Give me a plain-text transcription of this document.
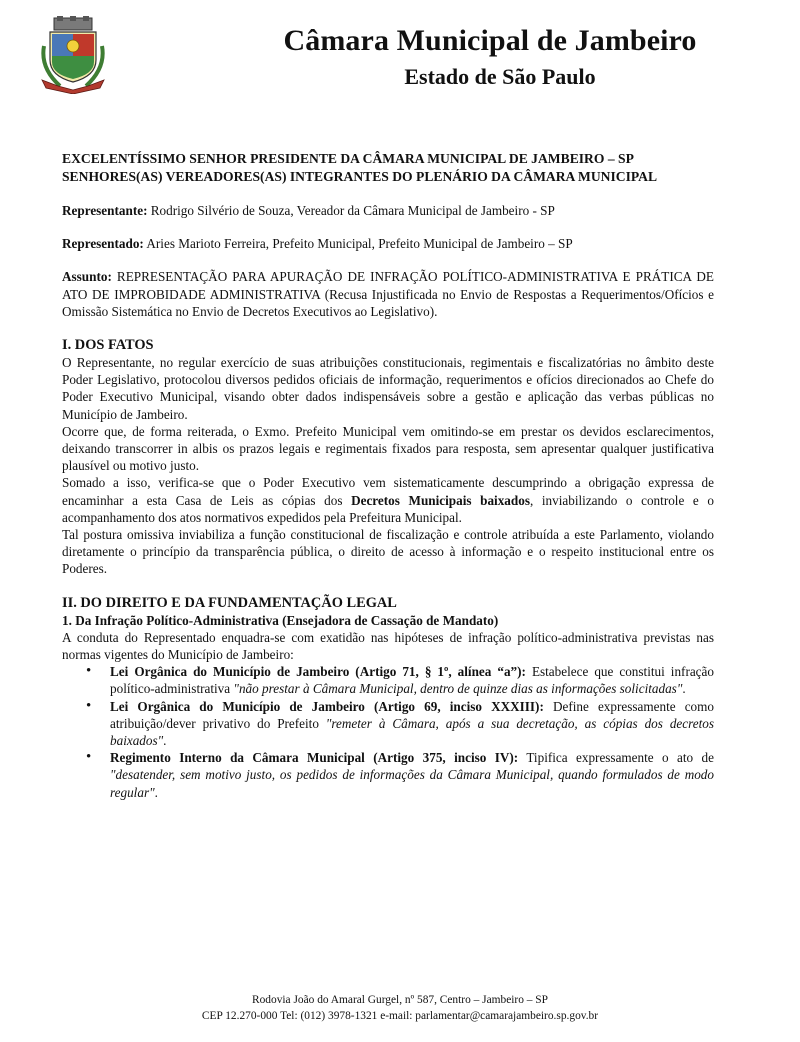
Câmara Municipal de Jambeiro
Estado de São Paulo

EXCELENTÍSSIMO SENHOR PRESIDENTE DA CÂMARA MUNICIPAL DE JAMBEIRO – SP

SENHORES(AS) VEREADORES(AS) INTEGRANTES DO PLENÁRIO DA CÂMARA MUNICIPAL

Representante: Rodrigo Silvério de Souza, Vereador da Câmara Municipal de Jambeiro - SP

Representado: Aries Marioto Ferreira, Prefeito Municipal, Prefeito Municipal de Jambeiro – SP

Assunto: REPRESENTAÇÃO PARA APURAÇÃO DE INFRAÇÃO POLÍTICO-ADMINISTRATIVA E PRÁTICA DE ATO DE IMPROBIDADE ADMINISTRATIVA (Recusa Injustificada no Envio de Respostas a Requerimentos/Ofícios e Omissão Sistemática no Envio de Decretos Executivos ao Legislativo).

I. DOS FATOS

O Representante, no regular exercício de suas atribuições constitucionais, regimentais e fiscalizatórias no âmbito deste Poder Legislativo, protocolou diversos pedidos oficiais de informação, requerimentos e ofícios direcionados ao Chefe do Poder Executivo Municipal, visando obter dados indispensáveis sobre a gestão e aplicação das verbas públicas no Município de Jambeiro.

Ocorre que, de forma reiterada, o Exmo. Prefeito Municipal vem omitindo-se em prestar os devidos esclarecimentos, deixando transcorrer in albis os prazos legais e regimentais fixados para resposta, sem apresentar qualquer justificativa plausível ou motivo justo.

Somado a isso, verifica-se que o Poder Executivo vem sistematicamente descumprindo a obrigação expressa de encaminhar a esta Casa de Leis as cópias dos Decretos Municipais baixados, inviabilizando o controle e o acompanhamento dos atos normativos expedidos pela Prefeitura Municipal.

Tal postura omissiva inviabiliza a função constitucional de fiscalização e controle atribuída a este Parlamento, violando diretamente o princípio da transparência pública, o direito de acesso à informação e o respeito institucional entre os Poderes.

II. DO DIREITO E DA FUNDAMENTAÇÃO LEGAL

1. Da Infração Político-Administrativa (Ensejadora de Cassação de Mandato)

A conduta do Representado enquadra-se com exatidão nas hipóteses de infração político-administrativa previstas nas normas vigentes do Município de Jambeiro:

• Lei Orgânica do Município de Jambeiro (Artigo 71, § 1º, alínea “a”): Estabelece que constitui infração político-administrativa "não prestar à Câmara Municipal, dentro de quinze dias as informações solicitadas".
• Lei Orgânica do Município de Jambeiro (Artigo 69, inciso XXXIII): Define expressamente como atribuição/dever privativo do Prefeito "remeter à Câmara, após a sua decretação, as cópias dos decretos baixados".
• Regimento Interno da Câmara Municipal (Artigo 375, inciso IV): Tipifica expressamente o ato de "desatender, sem motivo justo, os pedidos de informações da Câmara Municipal, quando formulados de modo regular".
Rodovia João do Amaral Gurgel, nº 587, Centro – Jambeiro – SP
CEP 12.270-000 Tel: (012) 3978-1321 e-mail: parlamentar@camarajambeiro.sp.gov.br
